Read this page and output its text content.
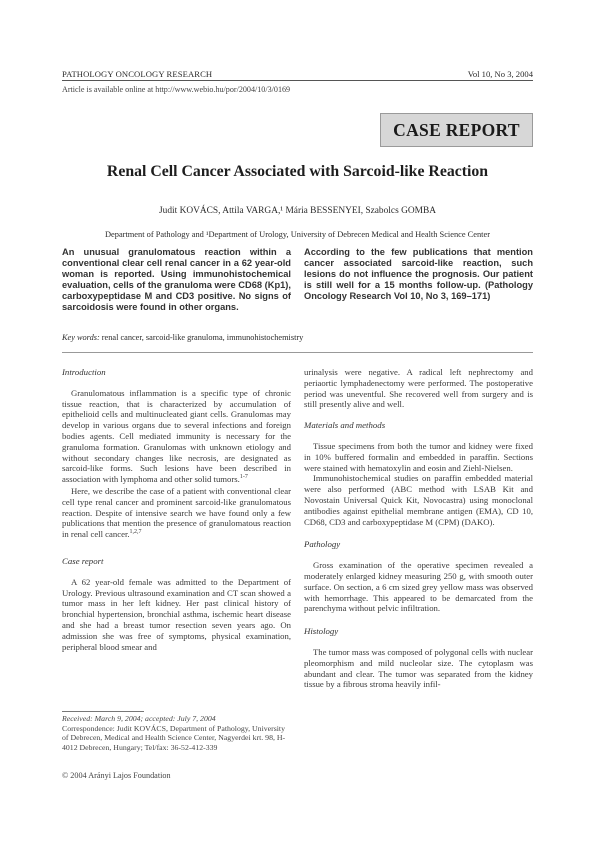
PATHOLOGY ONCOLOGY RESEARCH	Vol 10, No 3, 2004
Article is available online at http://www.webio.hu/por/2004/10/3/0169
CASE REPORT
Renal Cell Cancer Associated with Sarcoid-like Reaction
Judit KOVÁCS, Attila VARGA,¹ Mária BESSENYEI, Szabolcs GOMBA
Department of Pathology and ¹Department of Urology, University of Debrecen Medical and Health Science Center
An unusual granulomatous reaction within a conventional clear cell renal cancer in a 62 year-old woman is reported. Using immunohistochemical evaluation, cells of the granuloma were CD68 (Kp1), carboxypeptidase M and CD3 positive. No signs of sarcoidosis were found in other organs.
According to the few publications that mention cancer associated sarcoid-like reaction, such lesions do not influence the prognosis. Our patient is still well for a 15 months follow-up. (Pathology Oncology Research Vol 10, No 3, 169–171)
Key words: renal cancer, sarcoid-like granuloma, immunohistochemistry
Introduction

Granulomatous inflammation is a specific type of chronic tissue reaction, that is characterized by accumulation of epithelioid cells and multinucleated giant cells. Granulomas may develop in various organs due to several infections and foreign bodies agents. Cell mediated immunity is necessary for the granuloma formation. Granulomas with unknown etiology and without secondary changes like necrosis, are designated as sarcoid-like forms. Such lesions have been described in association with lymphoma and other solid tumors.$^{1-7}$

Here, we describe the case of a patient with conventional clear cell type renal cancer and prominent sarcoid-like granulomatous reaction. Despite of intensive search we have found only a few publications that mention the presence of granulomatous reaction in renal cell cancer.$^{1,2,7}$

Case report

A 62 year-old female was admitted to the Department of Urology. Previous ultrasound examination and CT scan showed a tumor mass in her left kidney. Her past clinical history of bronchial hypertension, bronchial asthma, ischemic heart disease and she had a breast tumor resection seven years ago. On admission she was free of symptoms, physical examination, peripheral blood smear and

urinalysis were negative. A radical left nephrectomy and periaortic lymphadenectomy were performed. The postoperative period was uneventful. She recovered well from surgery and is still presently alive and well.

Materials and methods

Tissue specimens from both the tumor and kidney were fixed in 10% buffered formalin and embedded in paraffin. Sections were stained with hematoxylin and eosin and Ziehl-Nielsen.

Immunohistochemical studies on paraffin embedded material were also performed (ABC method with LSAB Kit and Novostain Universal Quick Kit, Novocastra) using monoclonal antibodies against epithelial membrane antigen (EMA), CD 10, CD68, CD3 and carboxypeptidase M (CPM) (DAKO).

Pathology

Gross examination of the operative specimen revealed a moderately enlarged kidney measuring 250 g, with smooth outer surface. On section, a 6 cm sized grey yellow mass was observed with hemorrhage. This appeared to be demarcated from the parenchyma without pelvic infiltration.

Histology

The tumor mass was composed of polygonal cells with nuclear pleomorphism and mild nucleolar size. The cytoplasm was abundant and clear. The tumor was separated from the kidney tissue by a fibrous stroma heavily infil-

Received: March 9, 2004; accepted: July 7, 2004
Correspondence: Judit KOVÁCS, Department of Pathology, University of Debrecen, Medical and Health Science Center, Nagyerdei krt. 98, H-4012 Debrecen, Hungary; Tel/fax: 36-52-412-339
© 2004 Arányi Lajos Foundation
